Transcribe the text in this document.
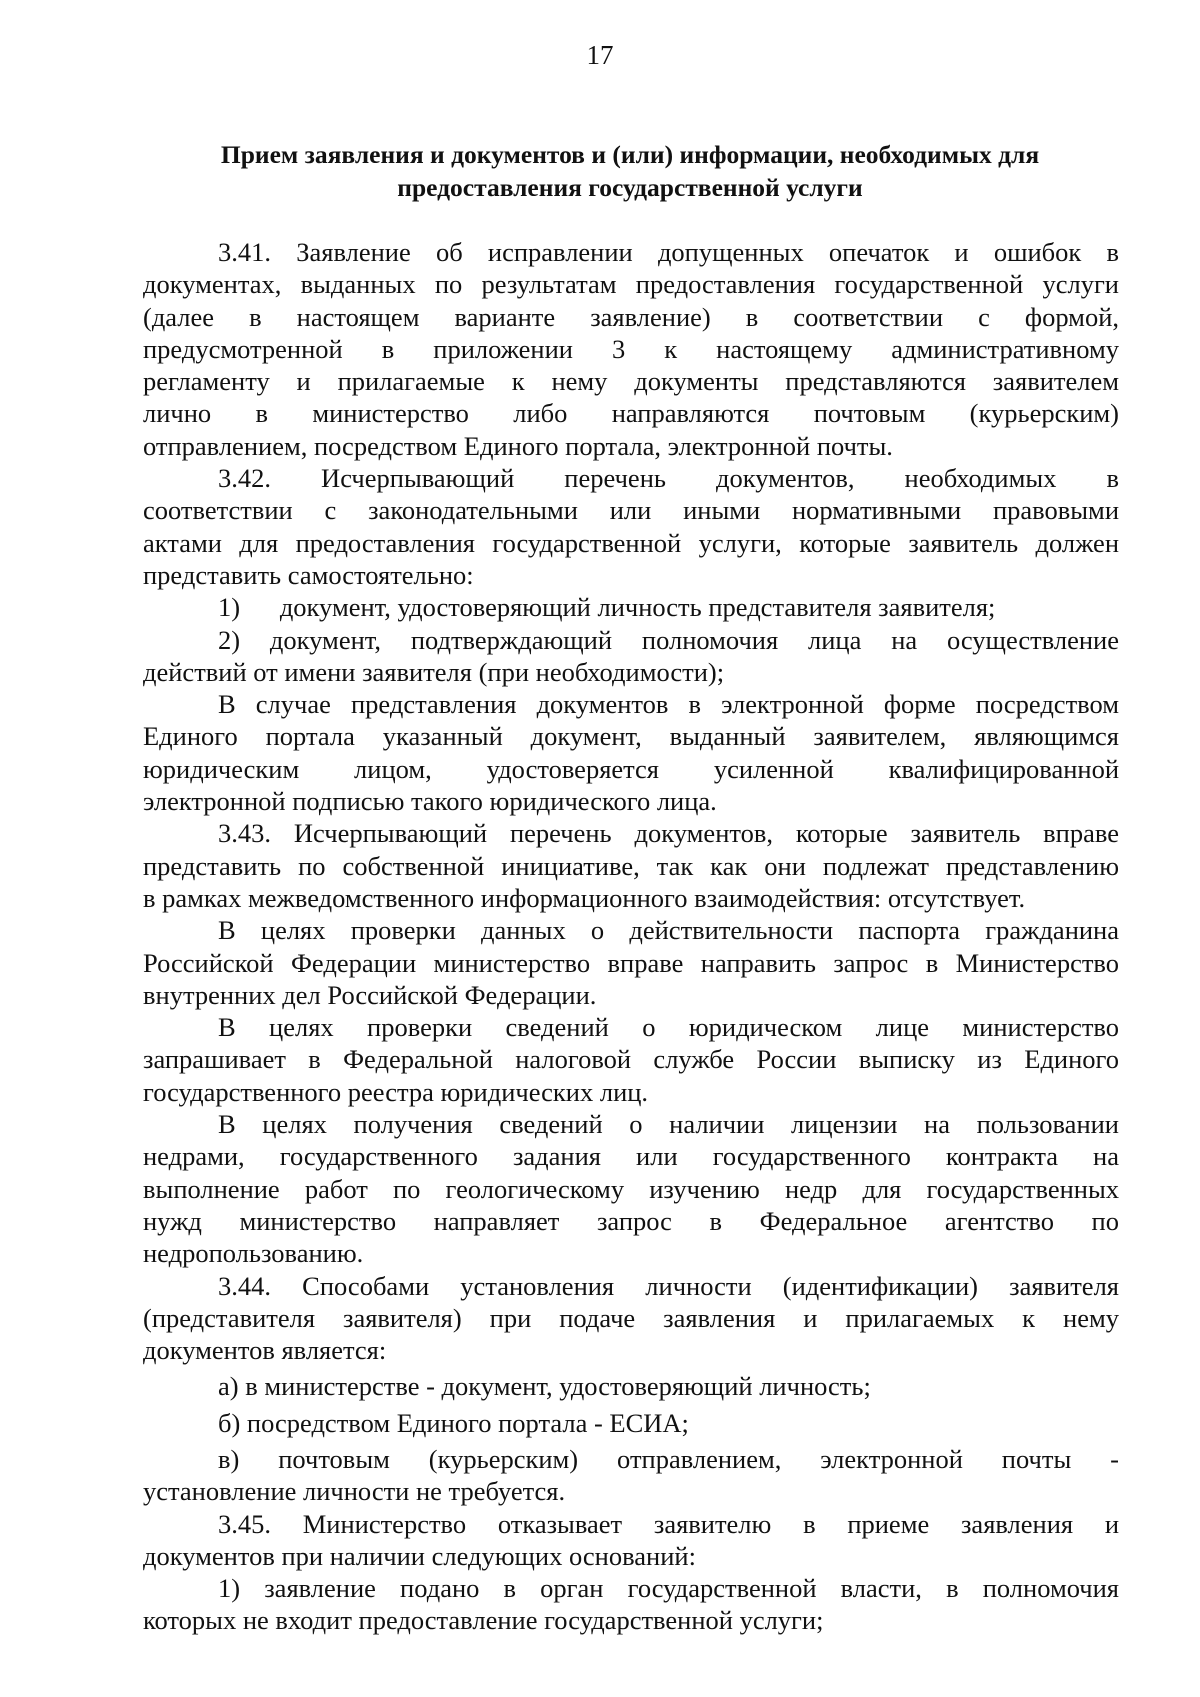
17
Прием заявления и документов и (или) информации, необходимых для
предоставления государственной услуги
3.41. Заявление об исправлении допущенных опечаток и ошибок в
документах, выданных по результатам предоставления государственной услуги
(далее в настоящем варианте заявление) в соответствии с формой,
предусмотренной в приложении 3 к настоящему административному
регламенту и прилагаемые к нему документы представляются заявителем
лично в министерство либо направляются почтовым (курьерским)
отправлением, посредством Единого портала, электронной почты.
3.42. Исчерпывающий перечень документов, необходимых в
соответствии с законодательными или иными нормативными правовыми
актами для предоставления государственной услуги, которые заявитель должен
представить самостоятельно:
1)      документ, удостоверяющий личность представителя заявителя;
2) документ, подтверждающий полномочия лица на осуществление
действий от имени заявителя (при необходимости);
В случае представления документов в электронной форме посредством
Единого портала указанный документ, выданный заявителем, являющимся
юридическим лицом, удостоверяется усиленной квалифицированной
электронной подписью такого юридического лица.
3.43. Исчерпывающий перечень документов, которые заявитель вправе
представить по собственной инициативе, так как они подлежат представлению
в рамках межведомственного информационного взаимодействия: отсутствует.
В целях проверки данных о действительности паспорта гражданина
Российской Федерации министерство вправе направить запрос в Министерство
внутренних дел Российской Федерации.
В целях проверки сведений о юридическом лице министерство
запрашивает в Федеральной налоговой службе России выписку из Единого
государственного реестра юридических лиц.
В целях получения сведений о наличии лицензии на пользовании
недрами, государственного задания или государственного контракта на
выполнение работ по геологическому изучению недр для государственных
нужд министерство направляет запрос в Федеральное агентство по
недропользованию.
3.44. Способами установления личности (идентификации) заявителя
(представителя заявителя) при подаче заявления и прилагаемых к нему
документов является:
а) в министерстве - документ, удостоверяющий личность;
б) посредством Единого портала - ЕСИА;
в) почтовым (курьерским) отправлением, электронной почты -
установление личности не требуется.
3.45. Министерство отказывает заявителю в приеме заявления и
документов при наличии следующих оснований:
1) заявление подано в орган государственной власти, в полномочия
которых не входит предоставление государственной услуги;
